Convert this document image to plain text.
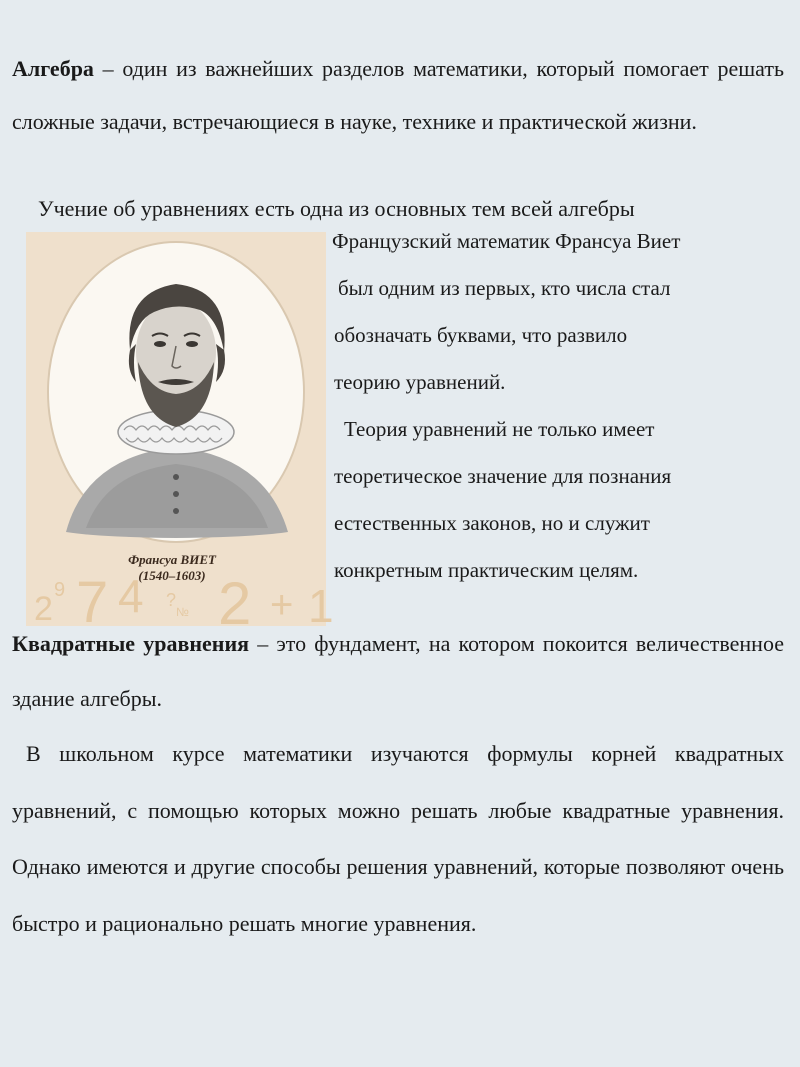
Алгебра – один из важнейших разделов математики, который помогает решать сложные задачи, встречающиеся в науке, технике и практической жизни.
Учение об уравнениях есть одна из основных тем всей алгебры
Франсуа ВИЕТ
(1540–1603)
2 9 7 4 ?
№ 2 + 1
Французский математик Франсуа Виет
был одним из первых, кто числа стал
обозначать буквами, что развило
теорию уравнений.
Теория уравнений не только имеет
теоретическое значение для познания
естественных законов, но и служит
конкретным практическим целям.
Квадратные уравнения – это фундамент, на котором покоится величественное здание алгебры.
В школьном курсе математики изучаются формулы корней квадратных уравнений, с помощью которых можно решать любые квадратные уравнения. Однако имеются и другие способы решения уравнений, которые позволяют очень быстро и рационально решать многие уравнения.
